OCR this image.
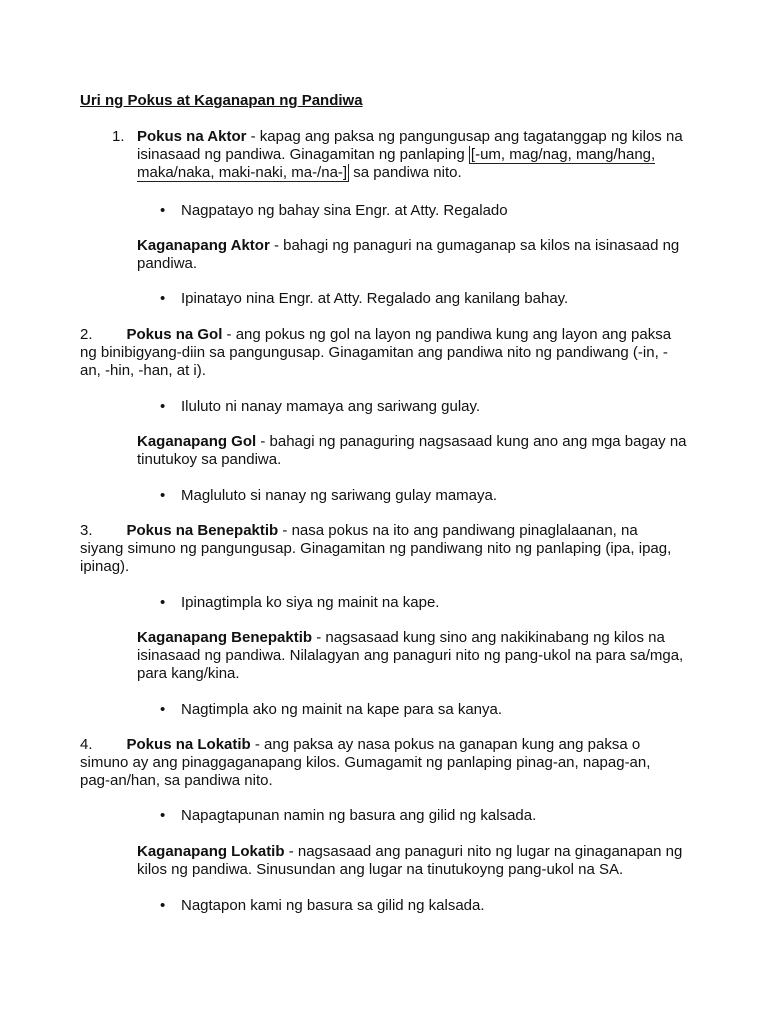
Uri ng Pokus at Kaganapan ng Pandiwa
1. Pokus na Aktor - kapag ang paksa ng pangungusap ang tagatanggap ng kilos na isinasaad ng pandiwa. Ginagamitan ng panlaping [-um, mag/nag, mang/hang, maka/naka, maki-naki, ma-/na-] sa pandiwa nito.

• Nagpatayo ng bahay sina Engr. at Atty. Regalado

Kaganapang Aktor - bahagi ng panaguri na gumaganap sa kilos na isinasaad ng pandiwa.

• Ipinatayo nina Engr. at Atty. Regalado ang kanilang bahay.

2. Pokus na Gol - ang pokus ng gol na layon ng pandiwa kung ang layon ang paksa ng binibigyang-diin sa pangungusap. Ginagamitan ang pandiwa nito ng pandiwang (-in, -an, -hin, -han, at i).

• Iluluto ni nanay mamaya ang sariwang gulay.

Kaganapang Gol - bahagi ng panaguring nagsasaad kung ano ang mga bagay na tinutukoy sa pandiwa.

• Magluluto si nanay ng sariwang gulay mamaya.

3. Pokus na Benepaktib - nasa pokus na ito ang pandiwang pinaglalaanan, na siyang simuno ng pangungusap. Ginagamitan ng pandiwang nito ng panlaping (ipa, ipag, ipinag).

• Ipinagtimpla ko siya ng mainit na kape.

Kaganapang Benepaktib - nagsasaad kung sino ang nakikinabang ng kilos na isinasaad ng pandiwa. Nilalagyan ang panaguri nito ng pang-ukol na para sa/mga, para kang/kina.

• Nagtimpla ako ng mainit na kape para sa kanya.

4. Pokus na Lokatib - ang paksa ay nasa pokus na ganapan kung ang paksa o simuno ay ang pinaggaganapang kilos. Gumagamit ng panlaping pinag-an, napag-an, pag-an/han, sa pandiwa nito.

• Napagtapunan namin ng basura ang gilid ng kalsada.

Kaganapang Lokatib - nagsasaad ang panaguri nito ng lugar na ginaganapan ng kilos ng pandiwa. Sinusundan ang lugar na tinutukoyng pang-ukol na SA.

• Nagtapon kami ng basura sa gilid ng kalsada.
